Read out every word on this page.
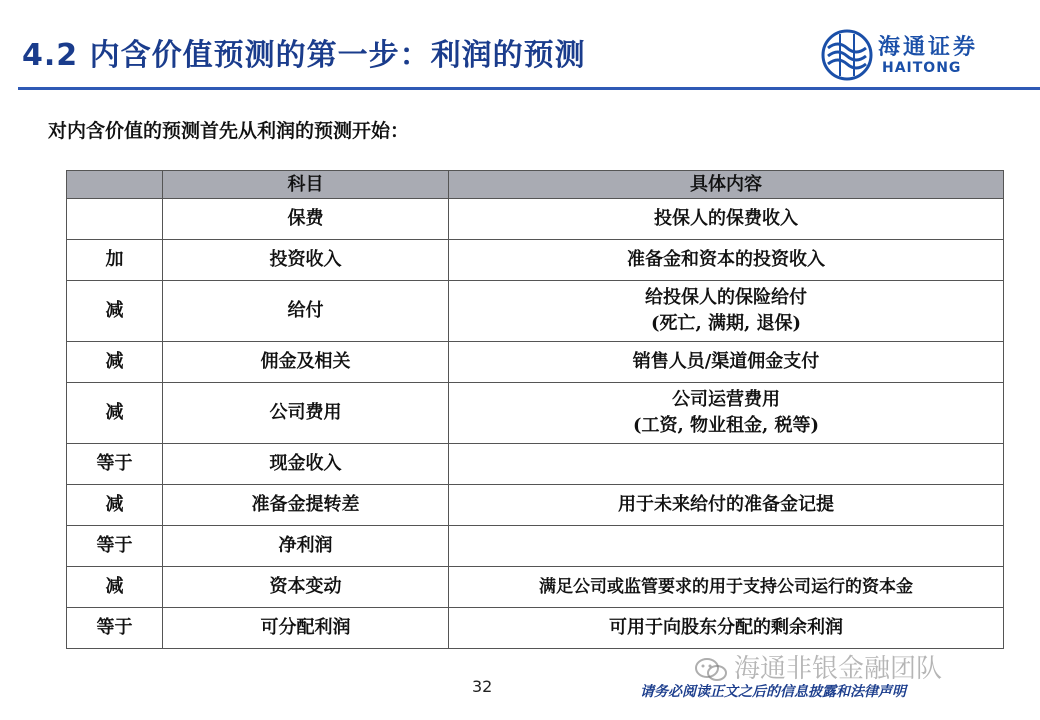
4.2 内含价值预测的第一步：利润的预测	海通证券
HAITONG
对内含价值的预测首先从利润的预测开始：
	科目	具体内容
	保费	投保人的保费收入
加	投资收入	准备金和资本的投资收入
减	给付	给投保人的保险给付
(死亡, 满期, 退保)

减	佣金及相关	销售人员/渠道佣金支付
减	公司费用	公司运营费用
(工资, 物业租金, 税等)

等于	现金收入	
减	准备金提转差	用于未来给付的准备金记提
等于	净利润	
减	资本变动	满足公司或监管要求的用于支持公司运行的资本金
等于	可分配利润	可用于向股东分配的剩余利润
海通非银金融团队
32	请务必阅读正文之后的信息披露和法律声明
